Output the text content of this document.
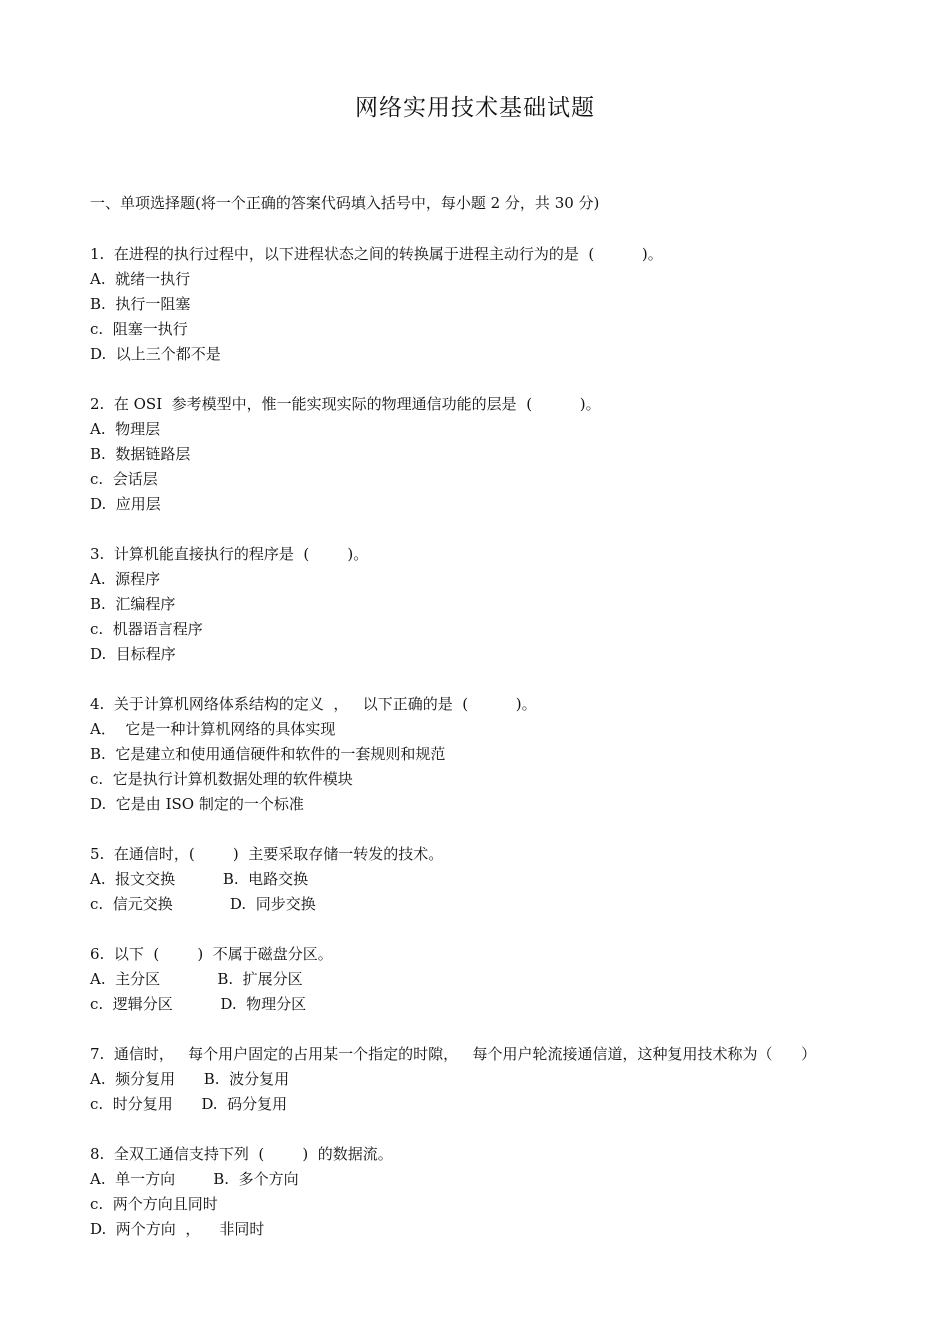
网络实用技术基础试题
一、单项选择题(将一个正确的答案代码填入括号中，每小题 2 分，共 30 分)
1.  在进程的执行过程中，以下进程状态之间的转换属于进程主动行为的是  (          )。
A.  就绪一执行
B.  执行一阻塞
c.  阻塞一执行
D.  以上三个都不是
2.  在 OSI  参考模型中，惟一能实现实际的物理通信功能的层是  (          )。
A.  物理层
B.  数据链路层
c.  会话层
D.  应用层
3.  计算机能直接执行的程序是  (        )。
A.  源程序
B.  汇编程序
c.  机器语言程序
D.  目标程序
4.  关于计算机网络体系结构的定义  ，   以下正确的是  (          )。
A．  它是一种计算机网络的具体实现
B.  它是建立和使用通信硬件和软件的一套规则和规范
c.  它是执行计算机数据处理的软件模块
D.  它是由 ISO 制定的一个标准
5.  在通信时，(        )  主要采取存储一转发的技术。
A.  报文交换          B.  电路交换
c.  信元交换            D.  同步交换
6.  以下  (        )  不属于磁盘分区。
A.  主分区            B.  扩展分区
c.  逻辑分区          D.  物理分区
7.  通信时，   每个用户固定的占用某一个指定的时隙，   每个用户轮流接通信道，这种复用技术称为（      ）
A.  频分复用      B.  波分复用
c.  时分复用      D.  码分复用
8.  全双工通信支持下列  (        )  的数据流。
A.  单一方向        B.  多个方向
c.  两个方向且同时
D.  两个方向  ，    非同时
